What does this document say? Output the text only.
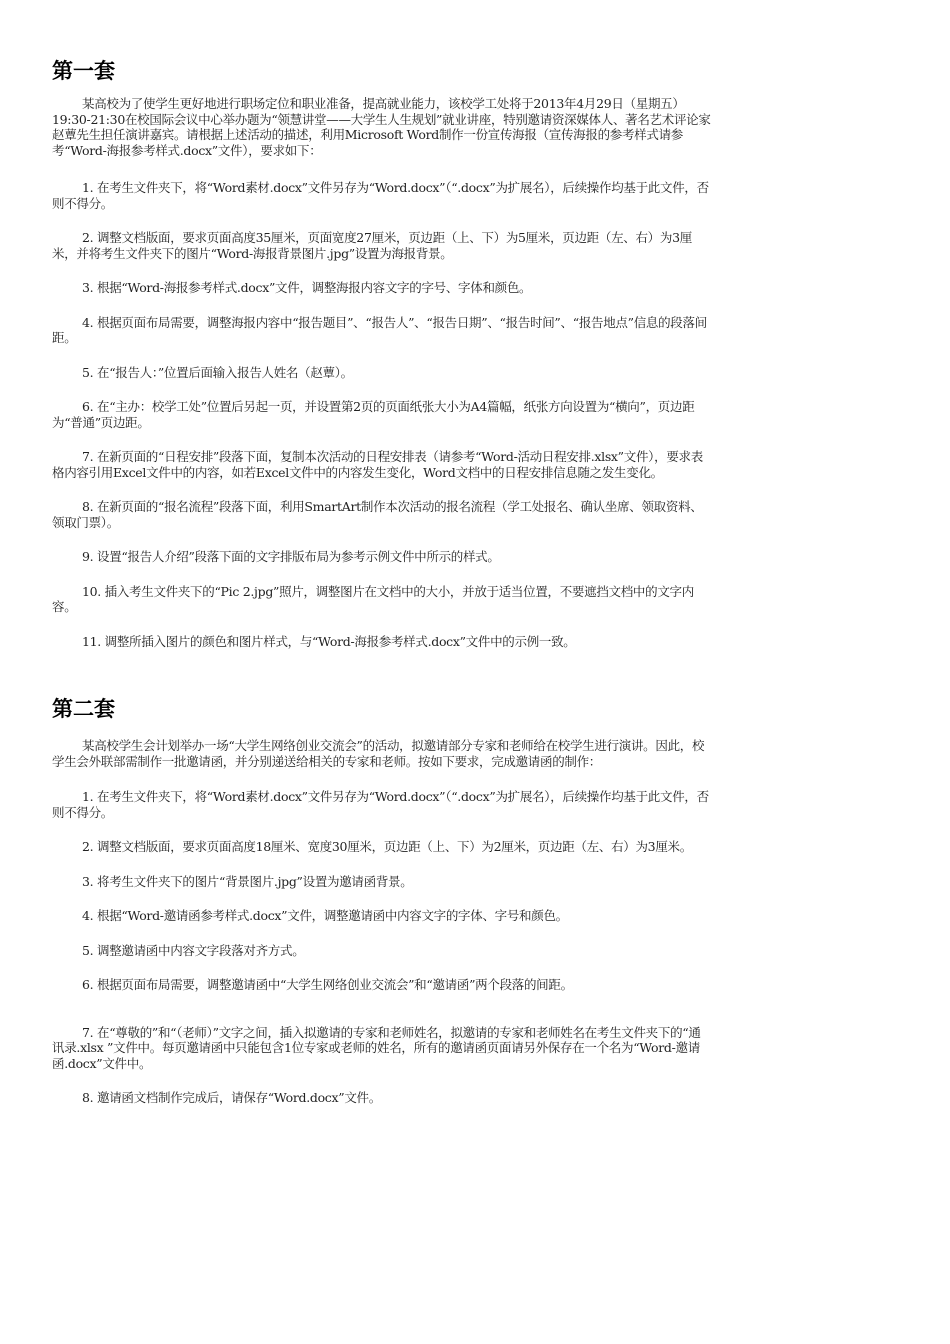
第一套

某高校为了使学生更好地进行职场定位和职业准备，提高就业能力，该校学工处将于2013年4月29日（星期五）19:30-21:30在校国际会议中心举办题为“领慧讲堂——大学生人生规划”就业讲座，特别邀请资深媒体人、著名艺术评论家赵蕈先生担任演讲嘉宾。请根据上述活动的描述，利用Microsoft Word制作一份宣传海报（宣传海报的参考样式请参考“Word-海报参考样式.docx”文件），要求如下：

1. 在考生文件夹下，将“Word素材.docx”文件另存为“Word.docx”（“.docx”为扩展名），后续操作均基于此文件，否则不得分。

2. 调整文档版面，要求页面高度35厘米，页面宽度27厘米，页边距（上、下）为5厘米，页边距（左、右）为3厘米，并将考生文件夹下的图片“Word-海报背景图片.jpg”设置为海报背景。

3. 根据“Word-海报参考样式.docx”文件，调整海报内容文字的字号、字体和颜色。

4. 根据页面布局需要，调整海报内容中“报告题目”、“报告人”、“报告日期”、“报告时间”、“报告地点”信息的段落间距。

5. 在“报告人：”位置后面输入报告人姓名（赵蕈）。

6. 在“主办：校学工处”位置后另起一页，并设置第2页的页面纸张大小为A4篇幅，纸张方向设置为“横向”，页边距为“普通”页边距。

7. 在新页面的“日程安排”段落下面，复制本次活动的日程安排表（请参考“Word-活动日程安排.xlsx”文件），要求表格内容引用Excel文件中的内容，如若Excel文件中的内容发生变化，Word文档中的日程安排信息随之发生变化。

8. 在新页面的“报名流程”段落下面，利用SmartArt制作本次活动的报名流程（学工处报名、确认坐席、领取资料、领取门票）。

9. 设置“报告人介绍”段落下面的文字排版布局为参考示例文件中所示的样式。

10. 插入考生文件夹下的“Pic 2.jpg”照片，调整图片在文档中的大小，并放于适当位置，不要遮挡文档中的文字内容。

11. 调整所插入图片的颜色和图片样式，与“Word-海报参考样式.docx”文件中的示例一致。

第二套

某高校学生会计划举办一场“大学生网络创业交流会”的活动，拟邀请部分专家和老师给在校学生进行演讲。因此，校学生会外联部需制作一批邀请函，并分别递送给相关的专家和老师。按如下要求，完成邀请函的制作：

1. 在考生文件夹下，将“Word素材.docx”文件另存为“Word.docx”（“.docx”为扩展名），后续操作均基于此文件，否则不得分。

2. 调整文档版面，要求页面高度18厘米、宽度30厘米，页边距（上、下）为2厘米，页边距（左、右）为3厘米。

3. 将考生文件夹下的图片“背景图片.jpg”设置为邀请函背景。

4. 根据“Word-邀请函参考样式.docx”文件，调整邀请函中内容文字的字体、字号和颜色。

5. 调整邀请函中内容文字段落对齐方式。

6. 根据页面布局需要，调整邀请函中“大学生网络创业交流会”和“邀请函”两个段落的间距。

7. 在“尊敬的”和“（老师）”文字之间，插入拟邀请的专家和老师姓名，拟邀请的专家和老师姓名在考生文件夹下的“通讯录.xlsx ”文件中。每页邀请函中只能包含1位专家或老师的姓名，所有的邀请函页面请另外保存在一个名为“Word-邀请函.docx”文件中。

8. 邀请函文档制作完成后，请保存“Word.docx”文件。
